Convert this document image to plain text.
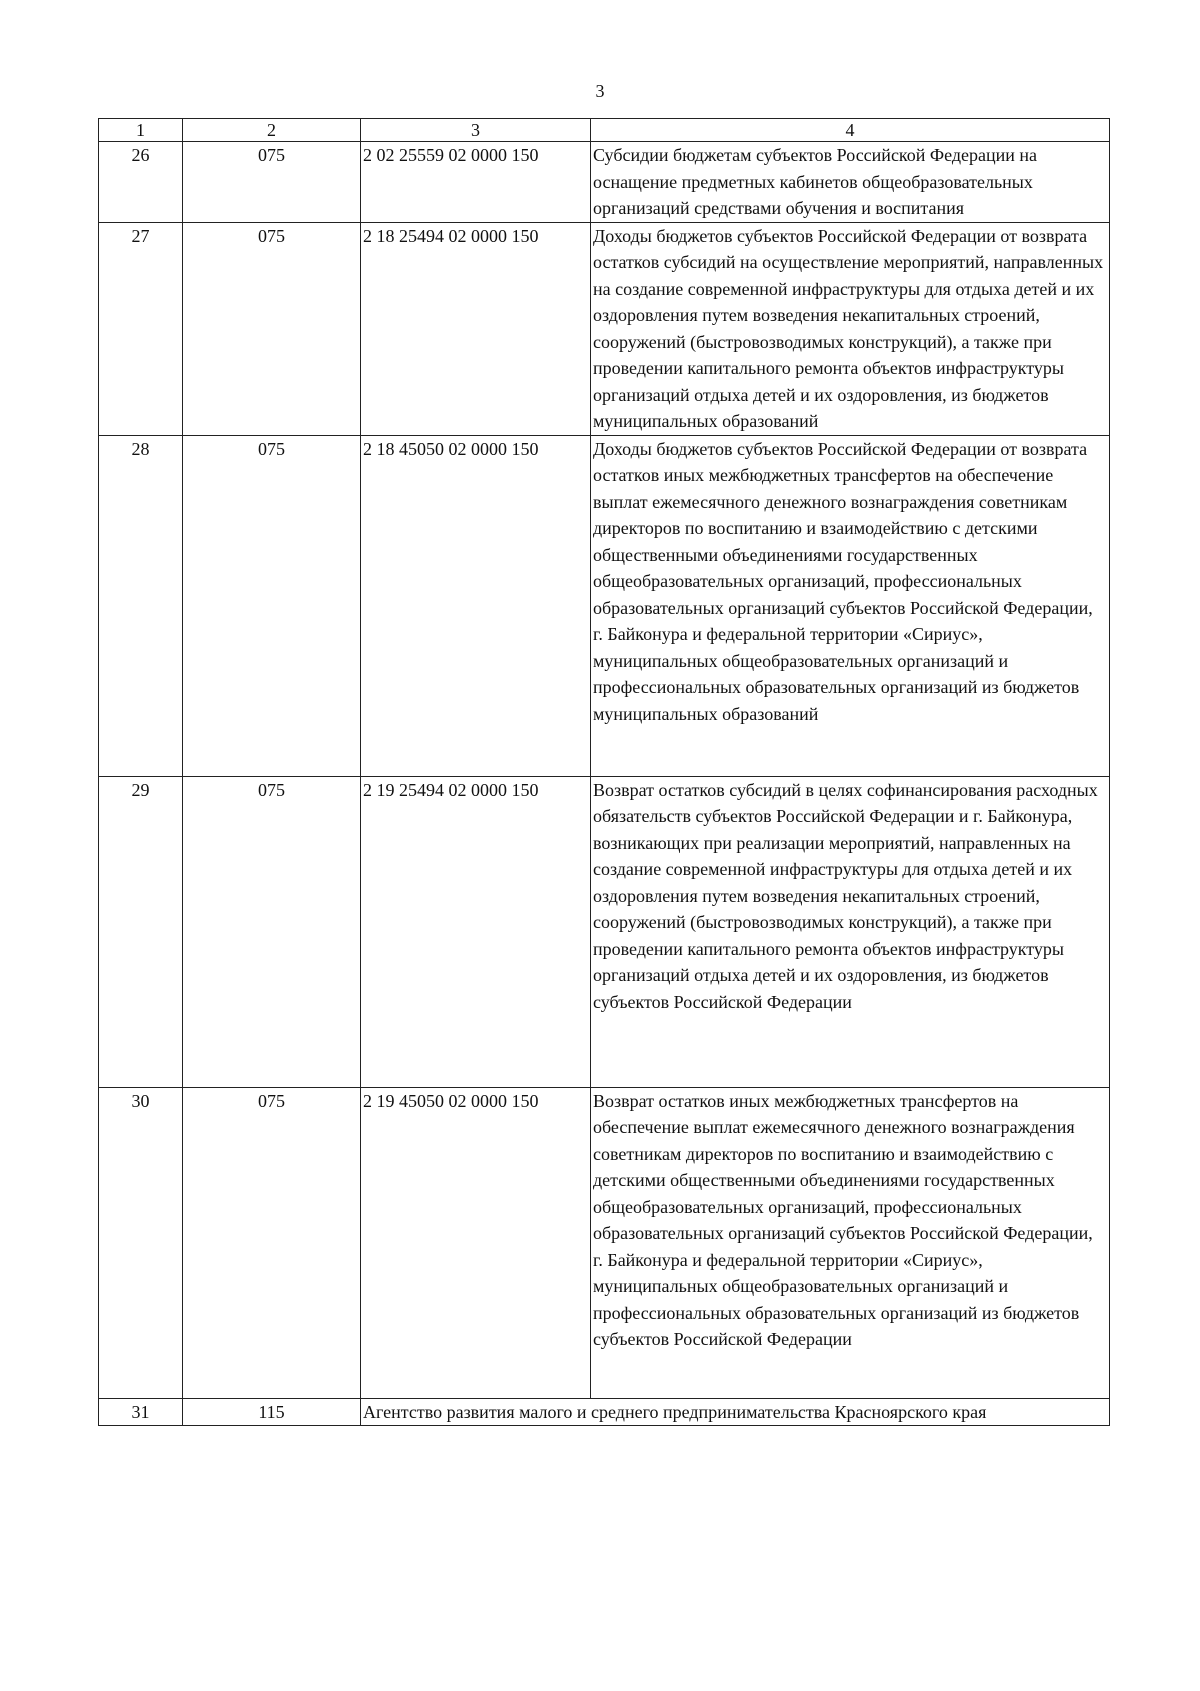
3
1	2	3	4
26	075	2 02 25559 02 0000 150	Субсидии бюджетам субъектов Российской Федерации на оснащение предметных кабинетов общеобразовательных организаций средствами обучения и воспитания
27	075	2 18 25494 02 0000 150	Доходы бюджетов субъектов Российской Федерации от возврата остатков субсидий на осуществление мероприятий, направленных на создание современной инфраструктуры для отдыха детей и их оздоровления путем возведения некапитальных строений, сооружений (быстровозводимых конструкций), а также при проведении капитального ремонта объектов инфраструктуры организаций отдыха детей и их оздоровления, из бюджетов муниципальных образований
28	075	2 18 45050 02 0000 150	Доходы бюджетов субъектов Российской Федерации от возврата остатков иных межбюджетных трансфертов на обеспечение выплат ежемесячного денежного вознаграждения советникам директоров по воспитанию и взаимодействию с детскими общественными объединениями государственных общеобразовательных организаций, профессиональных образовательных организаций субъектов Российской Федерации, г. Байконура и федеральной территории «Сириус», муниципальных общеобразовательных организаций и профессиональных образовательных организаций из бюджетов муниципальных образований
29	075	2 19 25494 02 0000 150	Возврат остатков субсидий в целях софинансирования расходных обязательств субъектов Российской Федерации и г. Байконура, возникающих при реализации мероприятий, направленных на создание современной инфраструктуры для отдыха детей и их оздоровления путем возведения некапитальных строений, сооружений (быстровозводимых конструкций), а также при проведении капитального ремонта объектов инфраструктуры организаций отдыха детей и их оздоровления, из бюджетов субъектов Российской Федерации
30	075	2 19 45050 02 0000 150	Возврат остатков иных межбюджетных трансфертов на обеспечение выплат ежемесячного денежного вознаграждения советникам директоров по воспитанию и взаимодействию с детскими общественными объединениями государственных общеобразовательных организаций, профессиональных образовательных организаций субъектов Российской Федерации, г. Байконура и федеральной территории «Сириус», муниципальных общеобразовательных организаций и профессиональных образовательных организаций из бюджетов субъектов Российской Федерации
31	115	Агентство развития малого и среднего предпринимательства Красноярского края	
